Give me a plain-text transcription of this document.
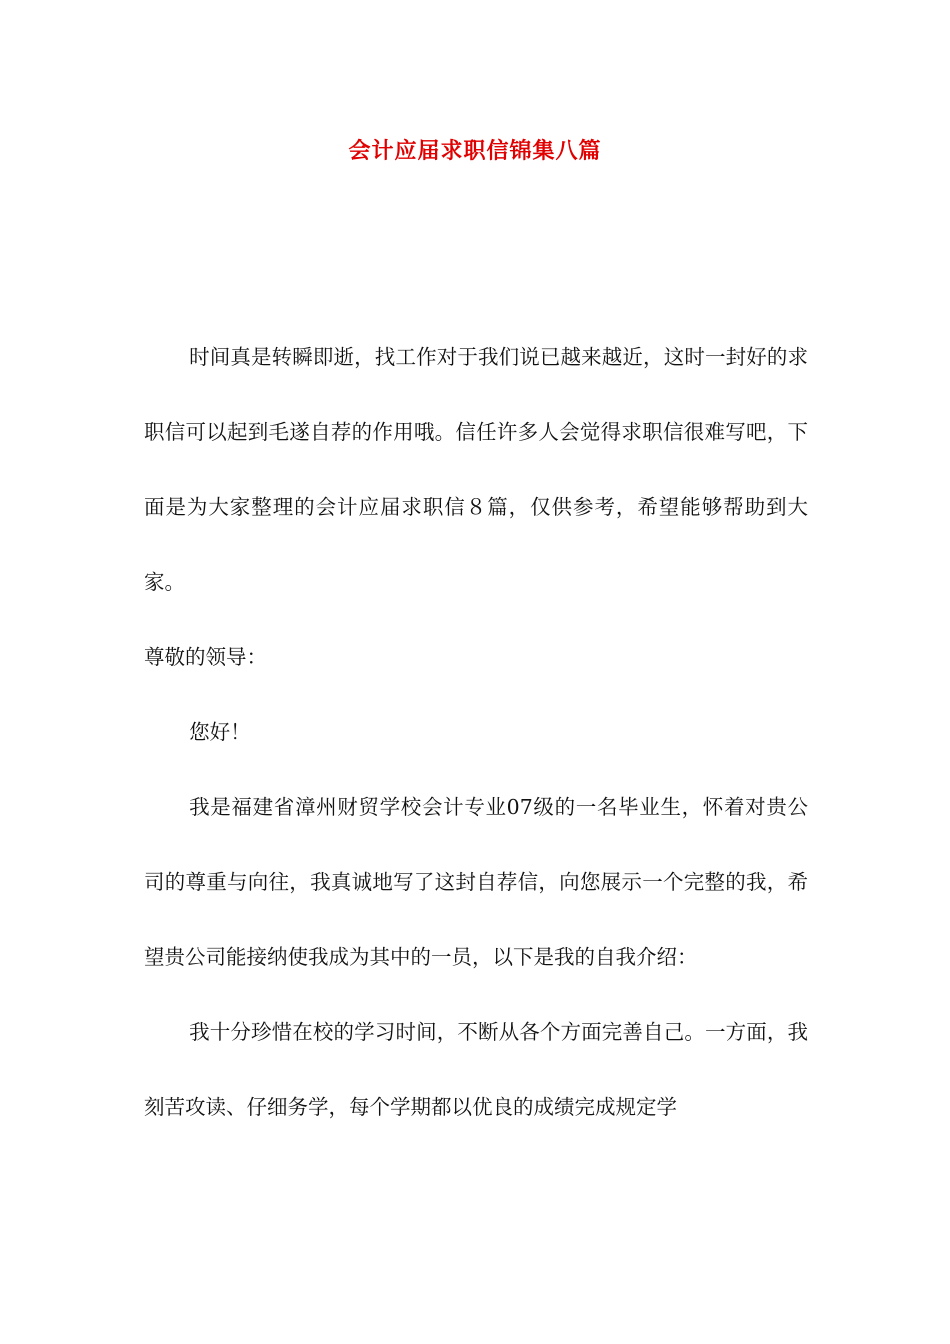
会计应届求职信锦集八篇

时间真是转瞬即逝，找工作对于我们说已越来越近，这时一封好的求职信可以起到毛遂自荐的作用哦。信任许多人会觉得求职信很难写吧，下面是为大家整理的会计应届求职信８篇，仅供参考，希望能够帮助到大家。

尊敬的领导：

您好！

我是福建省漳州财贸学校会计专业07级的一名毕业生，怀着对贵公司的尊重与向往，我真诚地写了这封自荐信，向您展示一个完整的我，希望贵公司能接纳使我成为其中的一员，以下是我的自我介绍：

我十分珍惜在校的学习时间，不断从各个方面完善自己。一方面，我刻苦攻读、仔细务学，每个学期都以优良的成绩完成规定学
